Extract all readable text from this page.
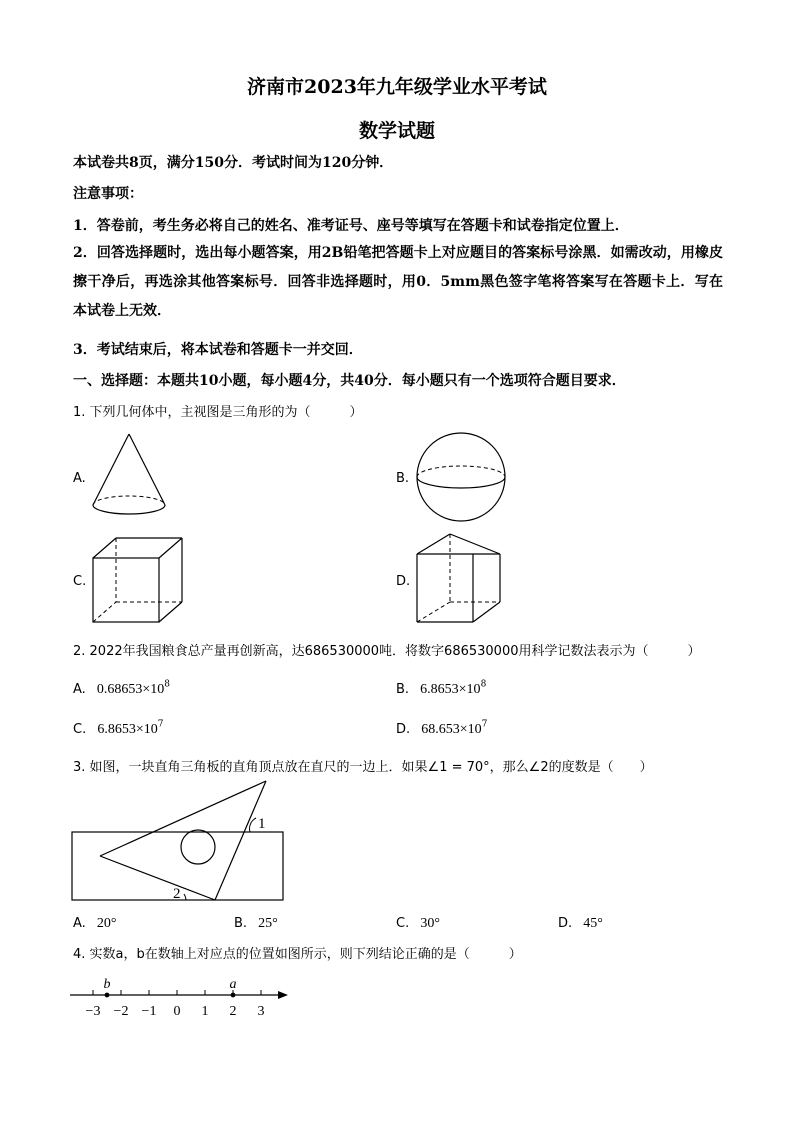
济南市2023年九年级学业水平考试
数学试题
本试卷共8页，满分150分．考试时间为120分钟．
注意事项：
1．答卷前，考生务必将自己的姓名、准考证号、座号等填写在答题卡和试卷指定位置上．
2．回答选择题时，选出每小题答案，用2B铅笔把答题卡上对应题目的答案标号涂黑．如需改动，用橡皮擦干净后，再选涂其他答案标号．回答非选择题时，用0．5mm黑色签字笔将答案写在答题卡上．写在本试卷上无效．
3．考试结束后，将本试卷和答题卡一并交回．
一、选择题：本题共10小题，每小题4分，共40分．每小题只有一个选项符合题目要求．
1. 下列几何体中，主视图是三角形的为（　　　）
A.	B.
C.	D.
2. 2022年我国粮食总产量再创新高，达686530000吨．将数字686530000用科学记数法表示为（　　　）
A. $0.68653\times 10^8$	B. $6.8653\times 10^8$
C. $6.8653\times 10^7$	D. $68.653\times 10^7$
3. 如图，一块直角三角板的直角顶点放在直尺的一边上．如果∠1 = 70°，那么∠2的度数是（　　）
1
2
A. 20°	B. 25°	C. 30°	D. 45°
4. 实数a，b在数轴上对应点的位置如图所示，则下列结论正确的是（　　　）
−3 −2 −1 0 1 2 3
b	a
